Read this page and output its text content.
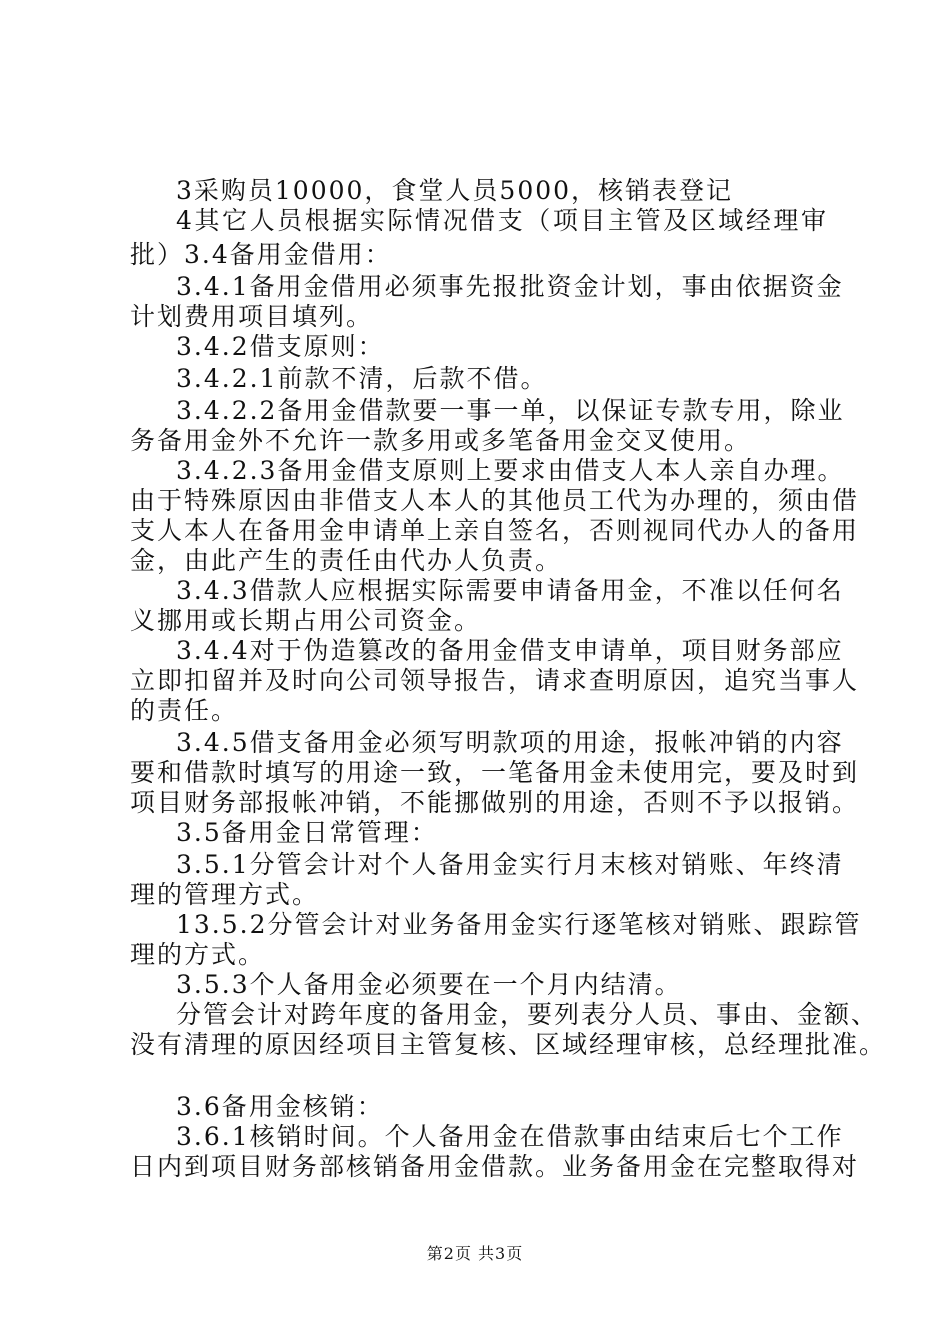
3采购员10000，食堂人员5000，核销表登记
4其它人员根据实际情况借支（项目主管及区域经理审
批）3.4备用金借用：
3.4.1备用金借用必须事先报批资金计划，事由依据资金
计划费用项目填列。
3.4.2借支原则：
3.4.2.1前款不清，后款不借。
3.4.2.2备用金借款要一事一单，以保证专款专用，除业
务备用金外不允许一款多用或多笔备用金交叉使用。
3.4.2.3备用金借支原则上要求由借支人本人亲自办理。
由于特殊原因由非借支人本人的其他员工代为办理的，须由借
支人本人在备用金申请单上亲自签名，否则视同代办人的备用
金，由此产生的责任由代办人负责。
3.4.3借款人应根据实际需要申请备用金，不准以任何名
义挪用或长期占用公司资金。
3.4.4对于伪造篡改的备用金借支申请单，项目财务部应
立即扣留并及时向公司领导报告，请求查明原因，追究当事人
的责任。
3.4.5借支备用金必须写明款项的用途，报帐冲销的内容
要和借款时填写的用途一致，一笔备用金未使用完，要及时到
项目财务部报帐冲销，不能挪做别的用途，否则不予以报销。
3.5备用金日常管理：
3.5.1分管会计对个人备用金实行月末核对销账、年终清
理的管理方式。
13.5.2分管会计对业务备用金实行逐笔核对销账、跟踪管
理的方式。
3.5.3个人备用金必须要在一个月内结清。
分管会计对跨年度的备用金，要列表分人员、事由、金额、
没有清理的原因经项目主管复核、区域经理审核，总经理批准。
3.6备用金核销：
3.6.1核销时间。个人备用金在借款事由结束后七个工作
日内到项目财务部核销备用金借款。业务备用金在完整取得对
第2页 共3页
